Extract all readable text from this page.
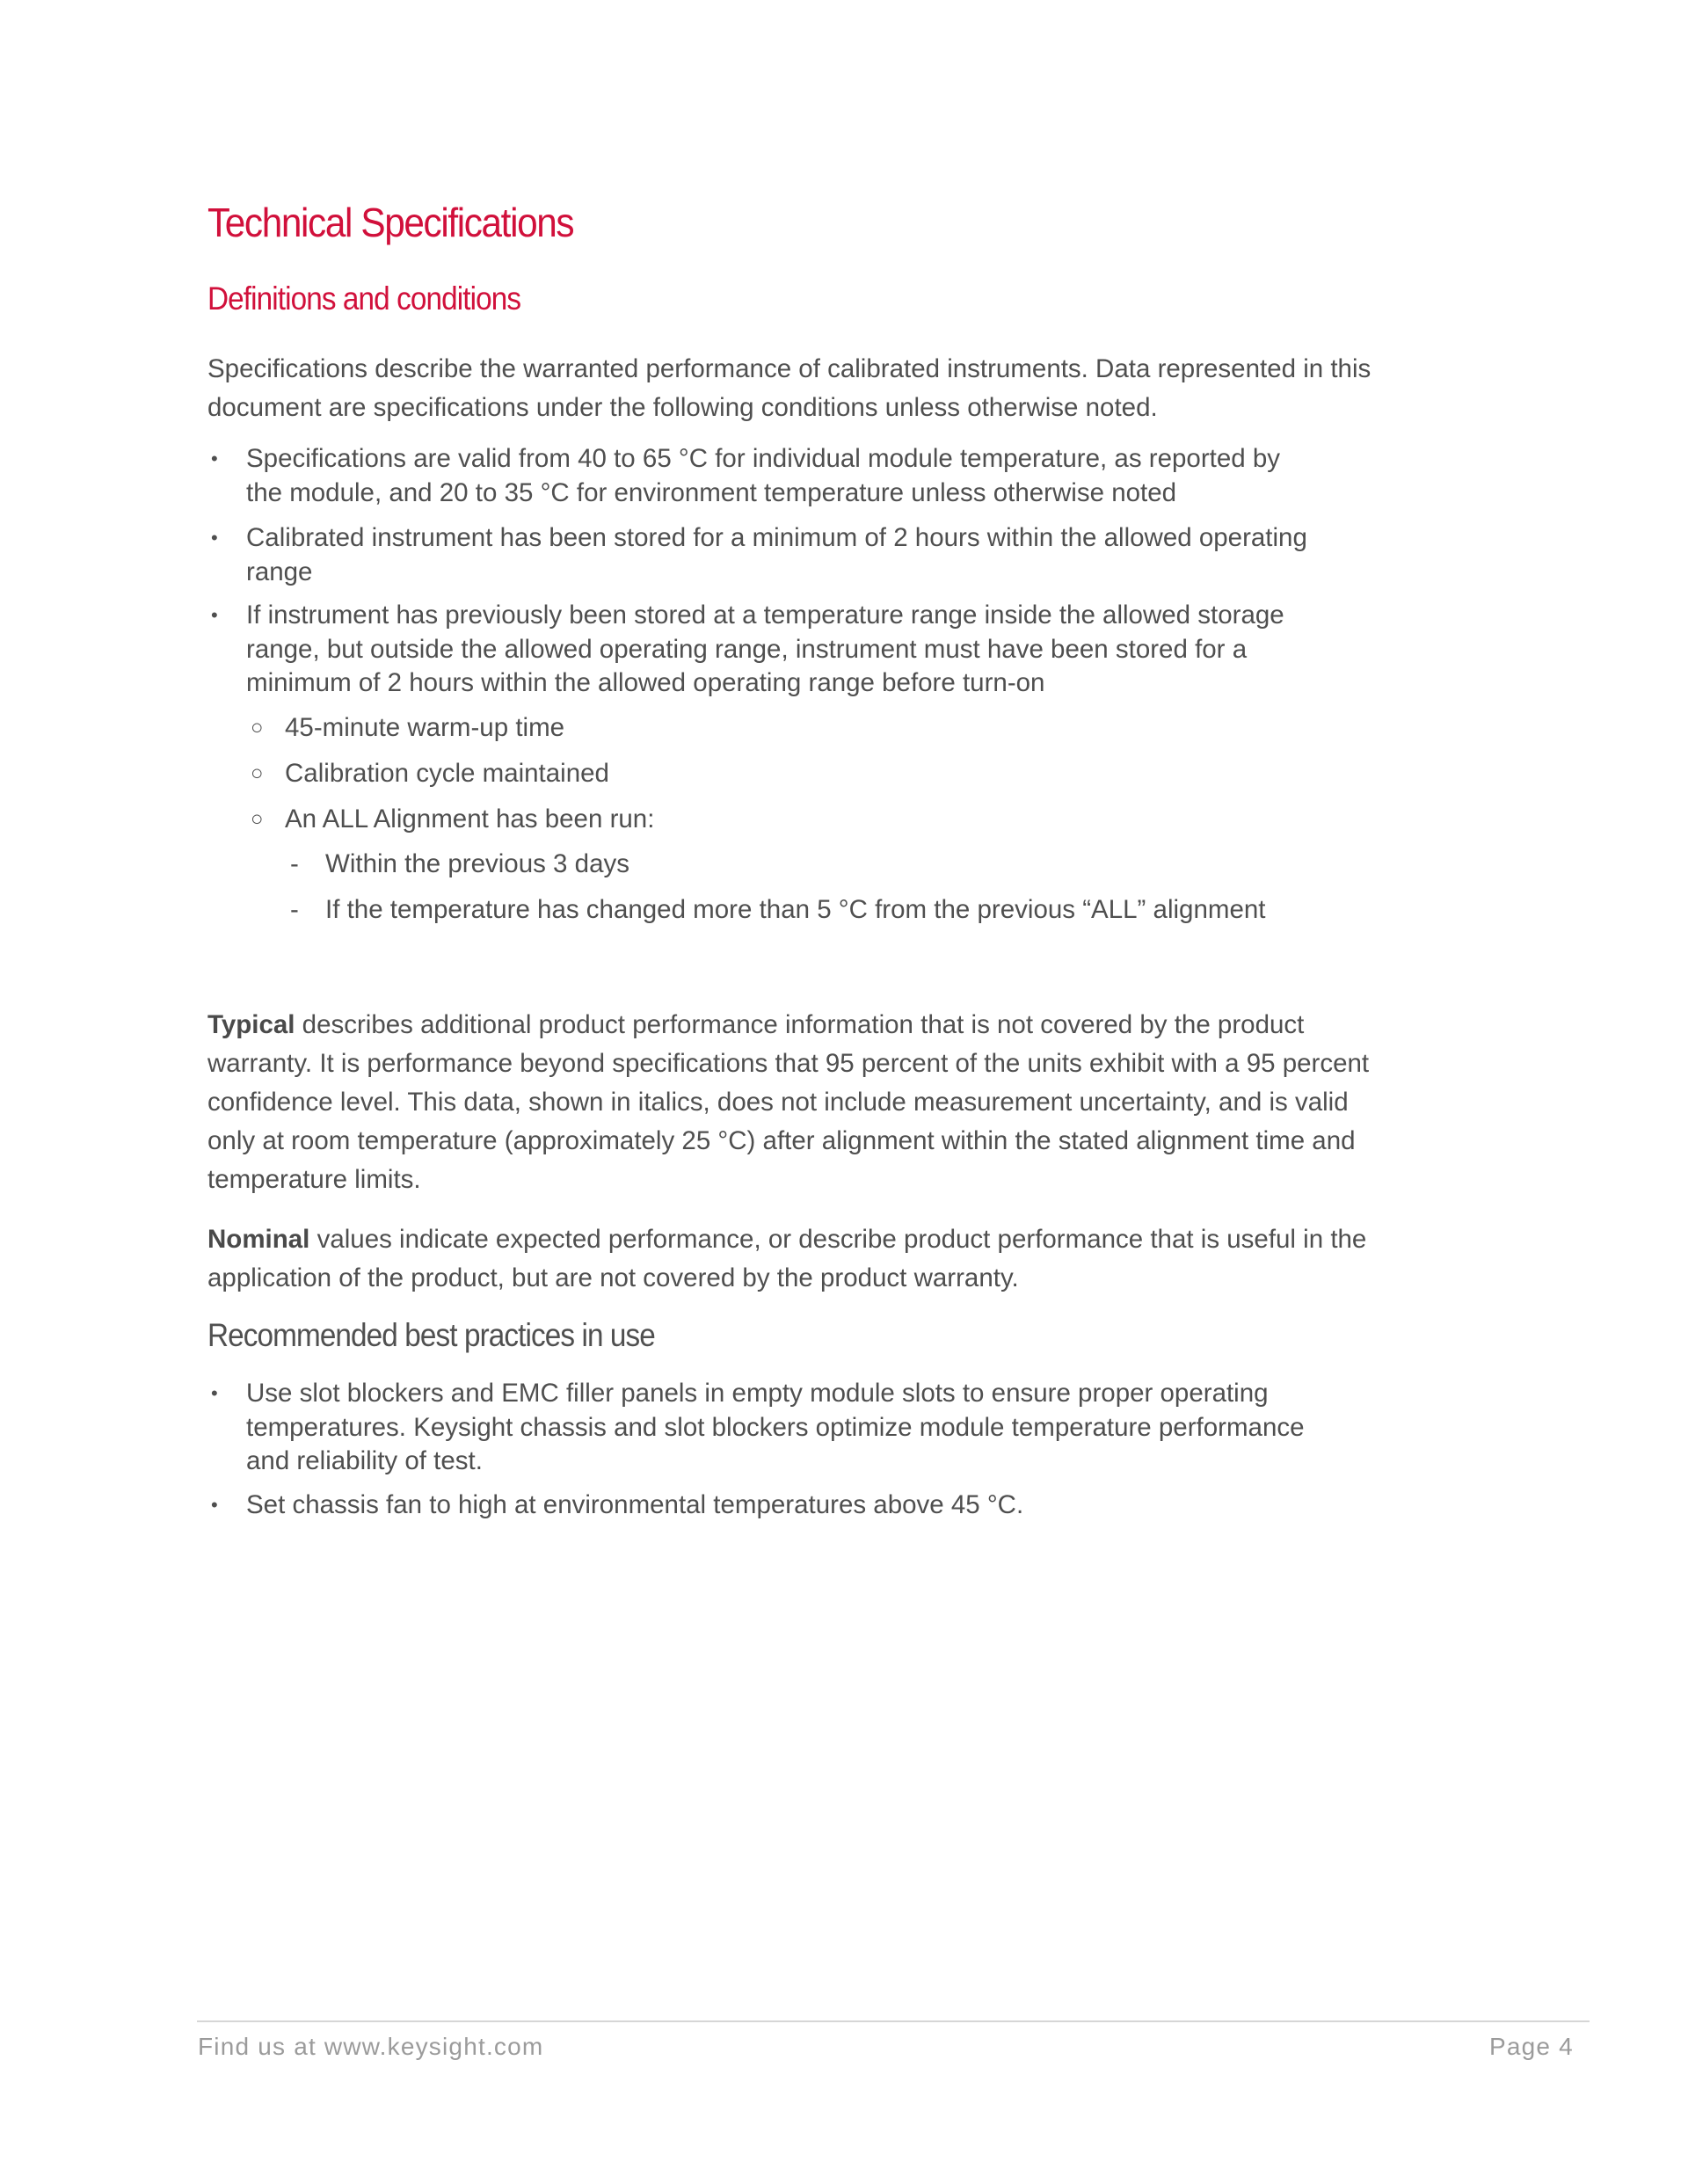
Technical Specifications
Definitions and conditions
Specifications describe the warranted performance of calibrated instruments. Data represented in this
document are specifications under the following conditions unless otherwise noted.
• Specifications are valid from 40 to 65 °C for individual module temperature, as reported by
the module, and 20 to 35 °C for environment temperature unless otherwise noted
• Calibrated instrument has been stored for a minimum of 2 hours within the allowed operating
range
• If instrument has previously been stored at a temperature range inside the allowed storage
range, but outside the allowed operating range, instrument must have been stored for a
minimum of 2 hours within the allowed operating range before turn-on
○ 45-minute warm-up time
○ Calibration cycle maintained
○ An ALL Alignment has been run:
- Within the previous 3 days
- If the temperature has changed more than 5 °C from the previous “ALL” alignment
Typical describes additional product performance information that is not covered by the product
warranty. It is performance beyond specifications that 95 percent of the units exhibit with a 95 percent
confidence level. This data, shown in italics, does not include measurement uncertainty, and is valid
only at room temperature (approximately 25 °C) after alignment within the stated alignment time and
temperature limits.
Nominal values indicate expected performance, or describe product performance that is useful in the
application of the product, but are not covered by the product warranty.
Recommended best practices in use
• Use slot blockers and EMC filler panels in empty module slots to ensure proper operating
temperatures. Keysight chassis and slot blockers optimize module temperature performance
and reliability of test.
• Set chassis fan to high at environmental temperatures above 45 °C.
Find us at www.keysight.com	Page 4
